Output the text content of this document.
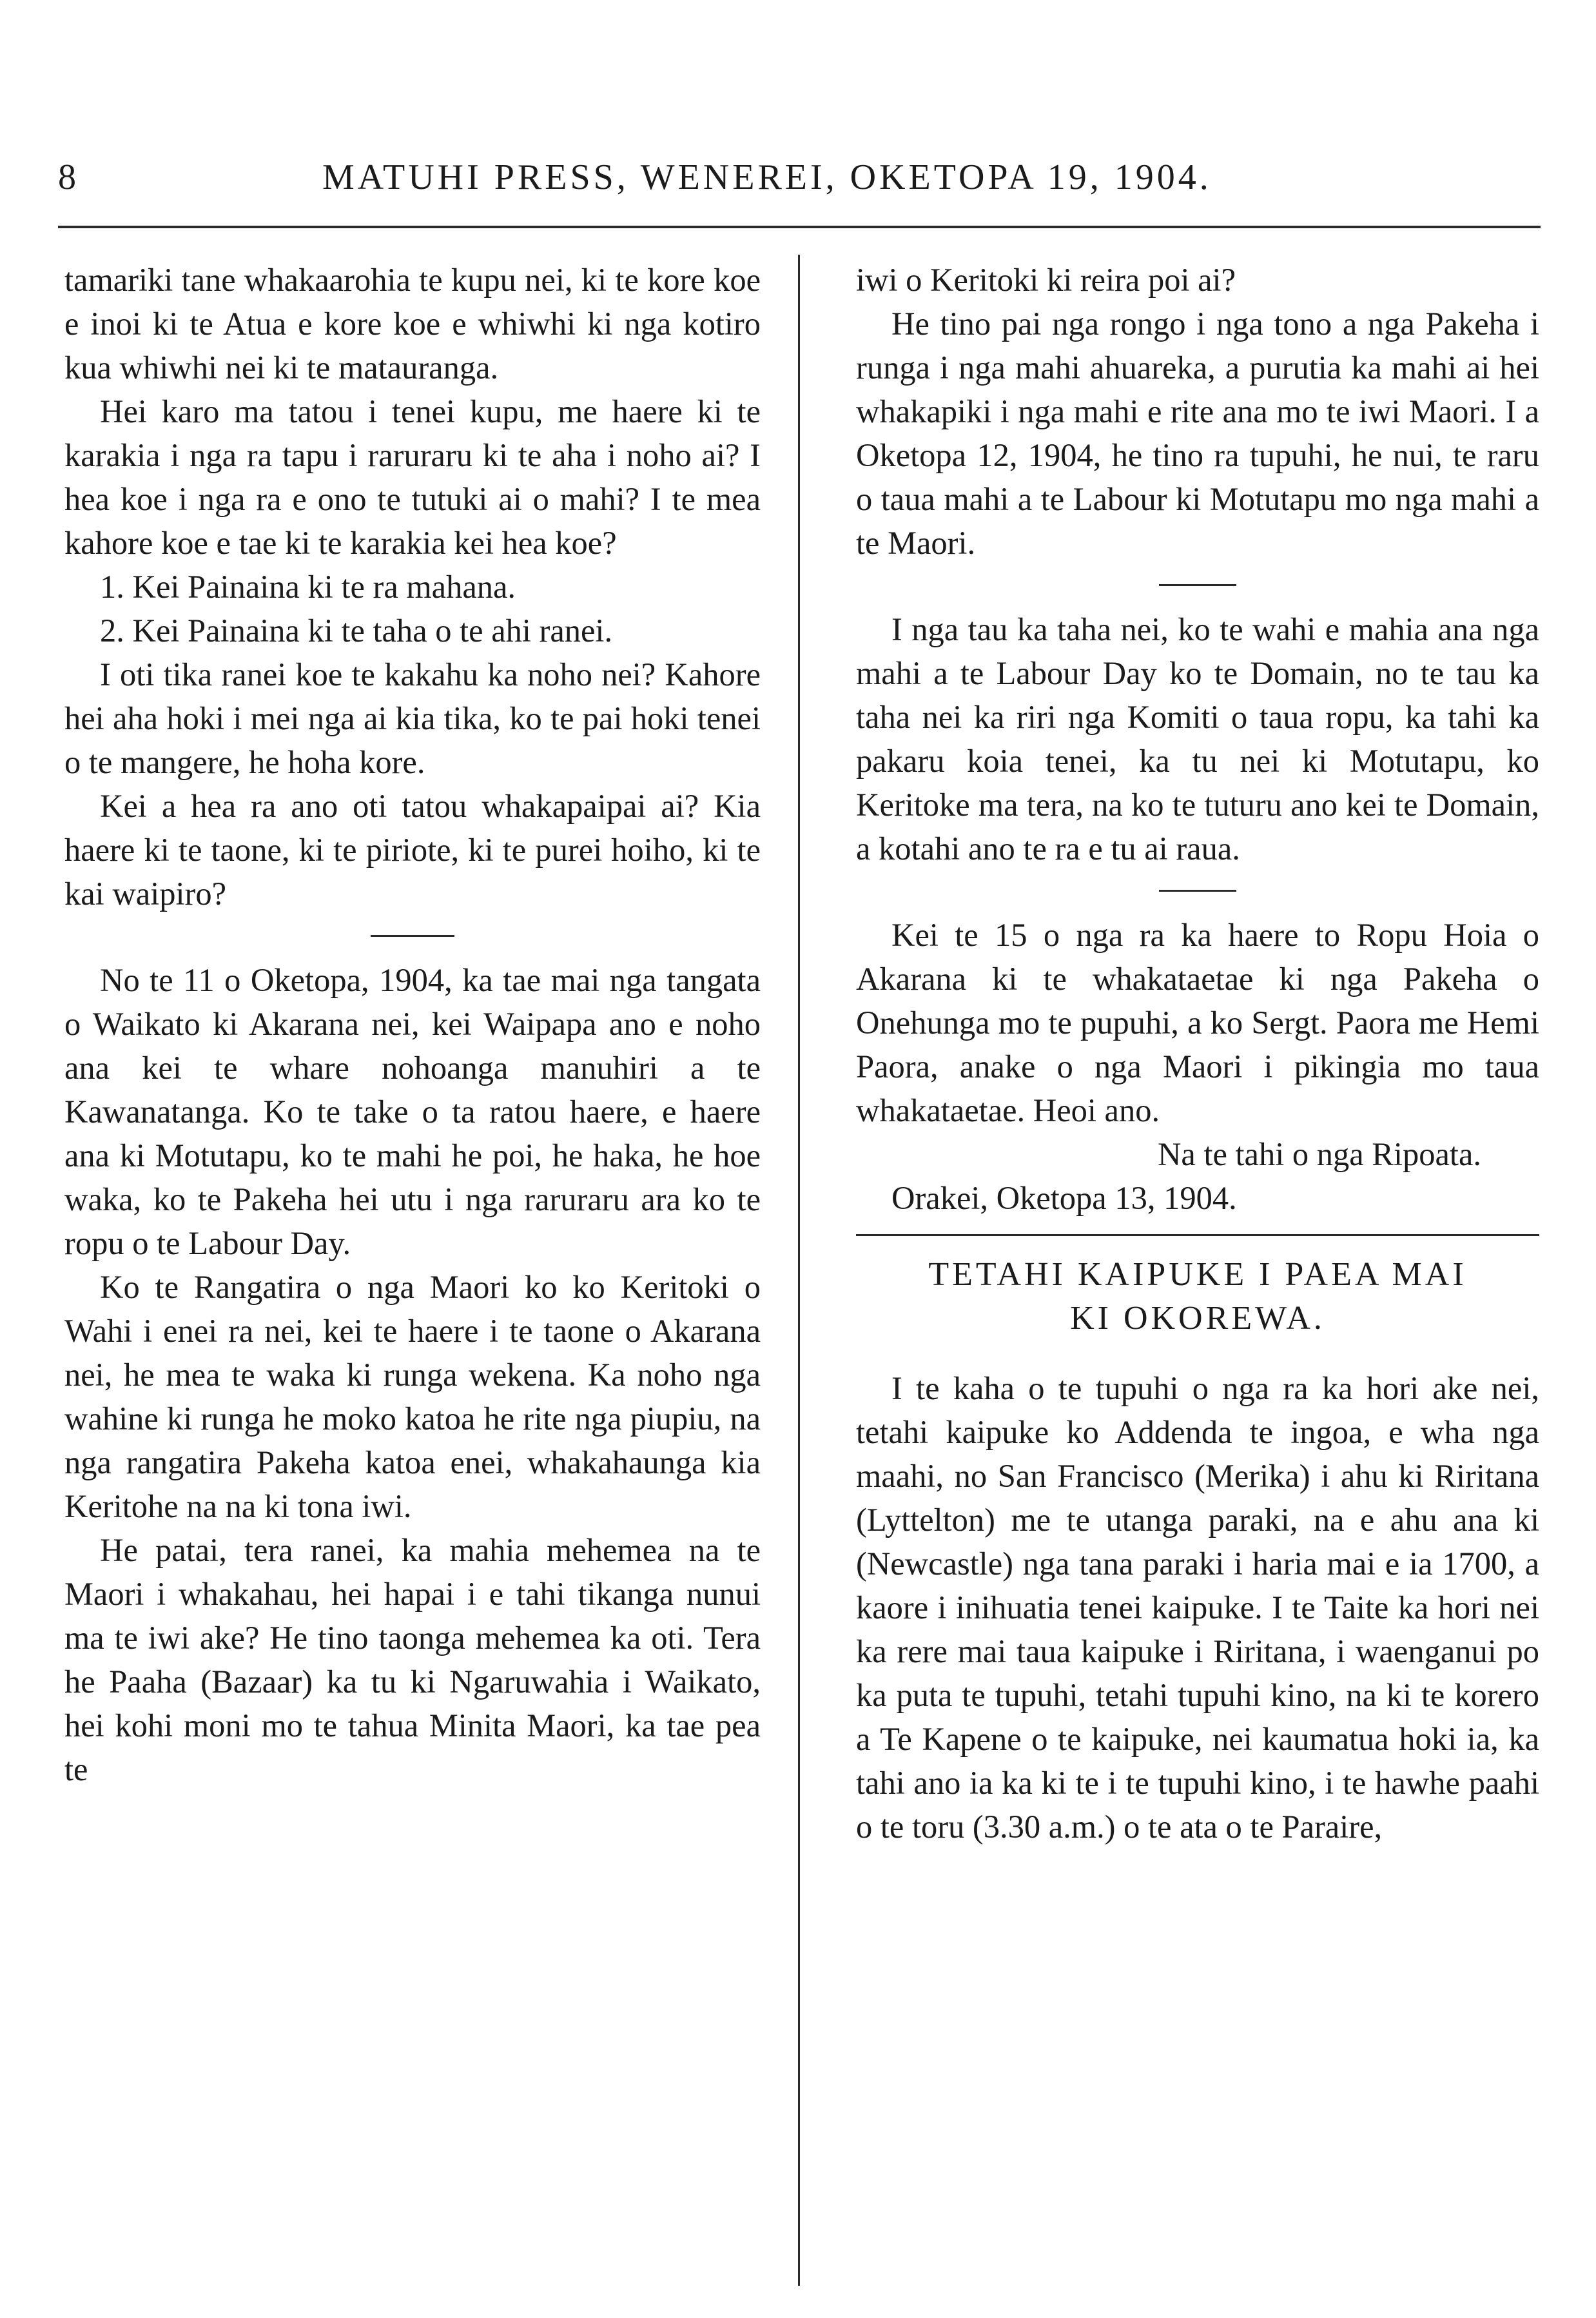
8	MATUHI PRESS, WENEREI, OKETOPA 19, 1904.

tamariki tane whakaarohia te kupu nei, ki te kore koe e inoi ki te Atua e kore koe e whiwhi ki nga kotiro kua whiwhi nei ki te matauranga.

Hei karo ma tatou i tenei kupu, me haere ki te karakia i nga ra tapu i raruraru ki te aha i noho ai? I hea koe i nga ra e ono te tutuki ai o mahi? I te mea kahore koe e tae ki te karakia kei hea koe?

1. Kei Painaina ki te ra mahana.

2. Kei Painaina ki te taha o te ahi ranei.

I oti tika ranei koe te kakahu ka noho nei? Kahore hei aha hoki i mei nga ai kia tika, ko te pai hoki tenei o te mangere, he hoha kore.

Kei a hea ra ano oti tatou whakapaipai ai? Kia haere ki te taone, ki te piriote, ki te purei hoiho, ki te kai waipiro?

No te 11 o Oketopa, 1904, ka tae mai nga tangata o Waikato ki Akarana nei, kei Waipapa ano e noho ana kei te whare nohoanga manuhiri a te Kawanatanga. Ko te take o ta ratou haere, e haere ana ki Motutapu, ko te mahi he poi, he haka, he hoe waka, ko te Pakeha hei utu i nga raruraru ara ko te ropu o te Labour Day.

Ko te Rangatira o nga Maori ko ko Keritoki o Wahi i enei ra nei, kei te haere i te taone o Akarana nei, he mea te waka ki runga wekena. Ka noho nga wahine ki runga he moko katoa he rite nga piupiu, na nga rangatira Pakeha katoa enei, whakahaunga kia Keritohe na na ki tona iwi.

He patai, tera ranei, ka mahia mehemea na te Maori i whakahau, hei hapai i e tahi tikanga nunui ma te iwi ake? He tino taonga mehemea ka oti. Tera he Paaha (Bazaar) ka tu ki Ngaruwahia i Waikato, hei kohi moni mo te tahua Minita Maori, ka tae pea te

iwi o Keritoki ki reira poi ai?

He tino pai nga rongo i nga tono a nga Pakeha i runga i nga mahi ahuareka, a purutia ka mahi ai hei whakapiki i nga mahi e rite ana mo te iwi Maori. I a Oketopa 12, 1904, he tino ra tupuhi, he nui, te raru o taua mahi a te Labour ki Motutapu mo nga mahi a te Maori.

I nga tau ka taha nei, ko te wahi e mahia ana nga mahi a te Labour Day ko te Domain, no te tau ka taha nei ka riri nga Komiti o taua ropu, ka tahi ka pakaru koia tenei, ka tu nei ki Motutapu, ko Keritoke ma tera, na ko te tuturu ano kei te Domain, a kotahi ano te ra e tu ai raua.

Kei te 15 o nga ra ka haere to Ropu Hoia o Akarana ki te whakataetae ki nga Pakeha o Onehunga mo te pupuhi, a ko Sergt. Paora me Hemi Paora, anake o nga Maori i pikingia mo taua whakataetae. Heoi ano.

Na te tahi o nga Ripoata.

Orakei, Oketopa 13, 1904.

TETAHI KAIPUKE I PAEA MAI
KI OKOREWA.

I te kaha o te tupuhi o nga ra ka hori ake nei, tetahi kaipuke ko Addenda te ingoa, e wha nga maahi, no San Francisco (Merika) i ahu ki Riritana (Lyttelton) me te utanga paraki, na e ahu ana ki (Newcastle) nga tana paraki i haria mai e ia 1700, a kaore i inihuatia tenei kaipuke. I te Taite ka hori nei ka rere mai taua kaipuke i Riritana, i waenganui po ka puta te tupuhi, tetahi tupuhi kino, na ki te korero a Te Kapene o te kaipuke, nei kaumatua hoki ia, ka tahi ano ia ka ki te i te tupuhi kino, i te hawhe paahi o te toru (3.30 a.m.) o te ata o te Paraire,
